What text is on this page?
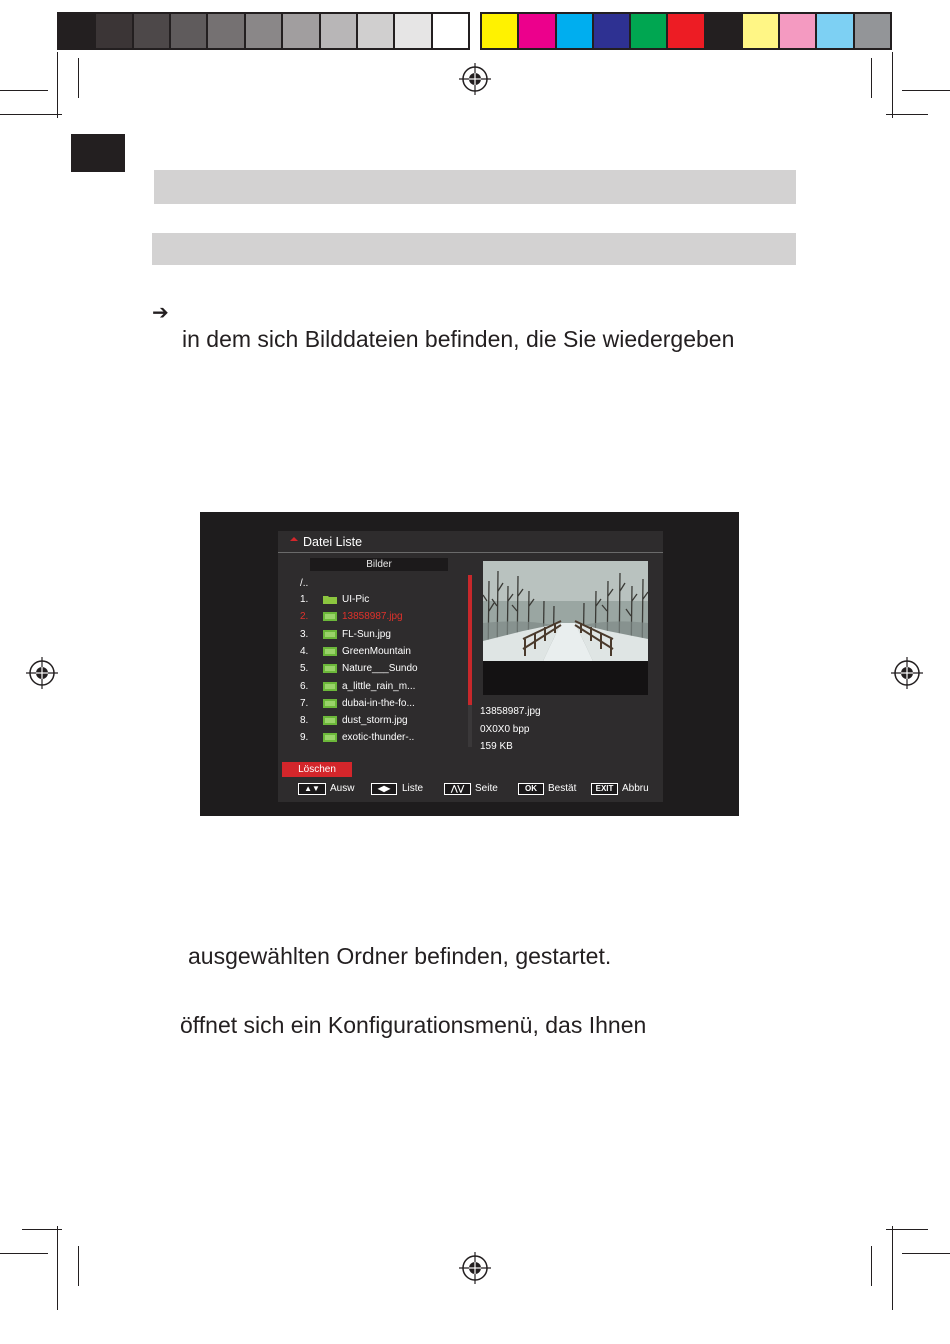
➔
in dem sich Bilddateien befinden, die Sie wiedergeben
ausgewählten Ordner befinden, gestartet.
öffnet sich ein Konfigurationsmenü, das Ihnen
Datei Liste
Bilder
/..
1.	UI-Pic
2.	13858987.jpg
3.	FL-Sun.jpg
4.	GreenMountain
5.	Nature___Sundo
6.	a_little_rain_m...
7.	dubai-in-the-fo...
8.	dust_storm.jpg
9.	exotic-thunder-..
13858987.jpg
0X0X0 bpp
159 KB
Löschen
▲▼	Ausw	◀▶	Liste	⋀⋁	Seite	OK	Bestät	EXIT Abbru
